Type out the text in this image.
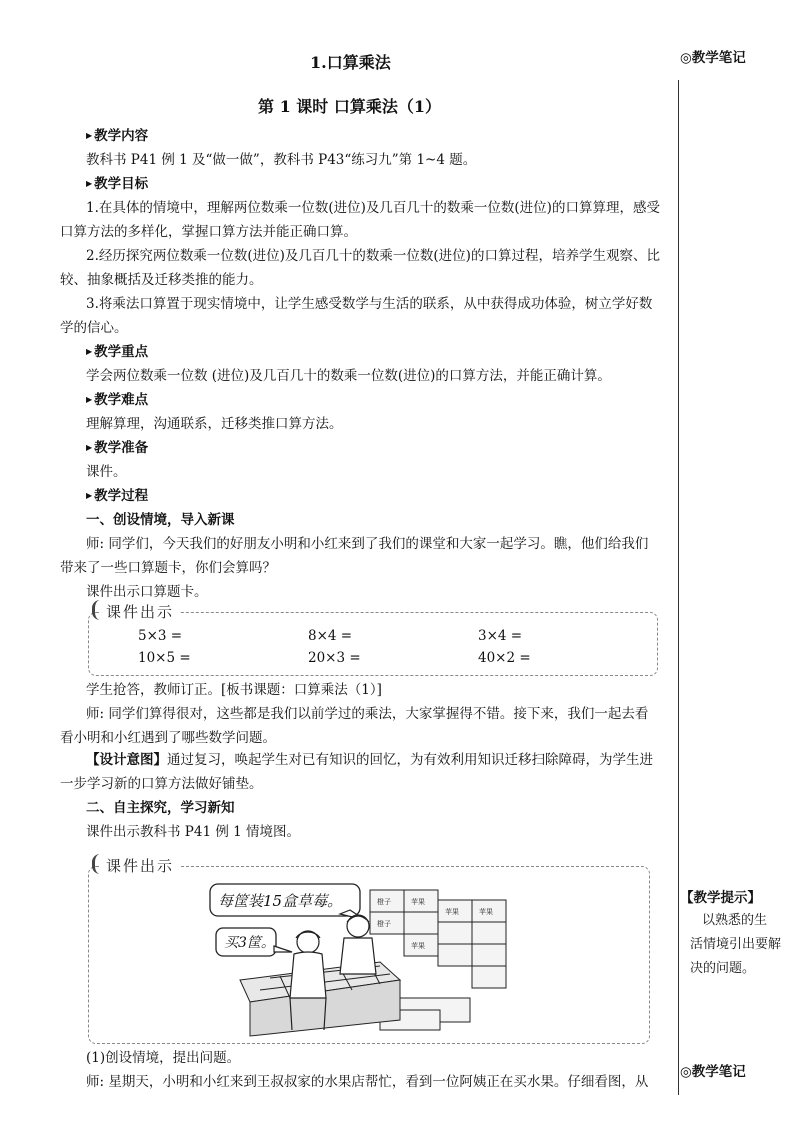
1.口算乘法
第 1 课时 口算乘法（1）
◎教学笔记
【教学提示】
以熟悉的生
活情境引出要解
决的问题。
◎教学笔记
▶ 教学内容
教科书 P41 例 1 及“做一做”，教科书 P43“练习九”第 1~4 题。
▶ 教学目标
1.在具体的情境中，理解两位数乘一位数(进位)及几百几十的数乘一位数(进位)的口算算理，感受
口算方法的多样化，掌握口算方法并能正确口算。
2.经历探究两位数乘一位数(进位)及几百几十的数乘一位数(进位)的口算过程，培养学生观察、比
较、抽象概括及迁移类推的能力。
3.将乘法口算置于现实情境中，让学生感受数学与生活的联系，从中获得成功体验，树立学好数
学的信心。
▶ 教学重点
学会两位数乘一位数 (进位)及几百几十的数乘一位数(进位)的口算方法，并能正确计算。
▶ 教学难点
理解算理，沟通联系，迁移类推口算方法。
▶ 教学准备
课件。
▶ 教学过程
一、创设情境，导入新课
师: 同学们，今天我们的好朋友小明和小红来到了我们的课堂和大家一起学习。瞧，他们给我们
带来了一些口算题卡，你们会算吗？
课件出示口算题卡。
课件出示
5×3 =	8×4 =	3×4 =
10×5 =	20×3 =	40×2 =
学生抢答，教师订正。[板书课题：口算乘法（1）]
师: 同学们算得很对，这些都是我们以前学过的乘法，大家掌握得不错。接下来，我们一起去看
看小明和小红遇到了哪些数学问题。
【设计意图】通过复习，唤起学生对已有知识的回忆，为有效利用知识迁移扫除障碍，为学生进
一步学习新的口算方法做好铺垫。
二、自主探究，学习新知
课件出示教科书 P41 例 1 情境图。
课件出示
每筐装15盒草莓。
买3筐。
橙子	苹果
苹果	苹果
苹果
橙子
(1)创设情境，提出问题。
师: 星期天，小明和小红来到王叔叔家的水果店帮忙，看到一位阿姨正在买水果。仔细看图，从
